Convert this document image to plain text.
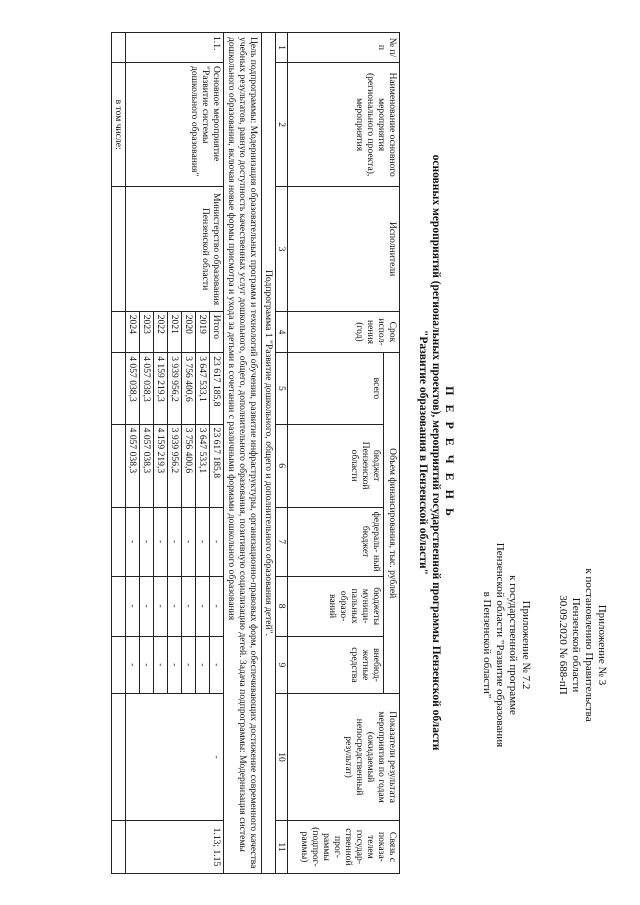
Приложение № 3
к постановлению Правительства
Пензенской области
30.09.2020 № 688-пП
Приложение № 7.2
к государственной программе
Пензенской области "Развитие образования
в Пензенской области"
П Е Р Е Ч Е Н Ь
основных мероприятий (региональных проектов), мероприятий государственной программы Пензенской области
"Развитие образования в Пензенской области"
№ п/п	Наименование основного мероприятия (регионального проекта), мероприятия	Исполнители	Срок испол- нения (год)	Объем финансирования, тыс. рублей					Показатели результата мероприятия по годам (ожидаемый непосредственный результат)	Связь с показа- телем государ- ственной прог- раммы (подпрог- раммы)
				всего	бюджет Пензенской области	федераль- ный бюджет	бюджеты муници- пальных образо- ваний	внебюд- жетные средства		
1	2	3	4	5	6	7	8	9	10	11
Подпрограмма 1 "Развитие дошкольного, общего и дополнительного образования детей".										
Цель подпрограммы: Модернизация образовательных программ и технологий обучения, развитие инфраструктуры, организационно-правовых форм, обеспечивающих достижение современного качества учебных результатов, равную доступность качественных услуг дошкольного, общего, дополнительного образования, позитивную социализацию детей. Задача подпрограммы: Модернизация системы дошкольного образования, включая новые формы присмотра и ухода за детьми в сочетании с различными формами дошкольного образования										
1.1.	Основное мероприятие "Развитие системы дошкольного образования"	Министерство образования Пензенской области	Итого	23 617 185,8	23 617 185,8	-	-	-	-	1.13; 1.15
			2019	3 647 533,1	3 647 533,1	-	-	-		
			2020	3 756 400,6	3 756 400,6	-	-	-		
			2021	3 939 956,2	3 939 956,2	-	-	-		
			2022	4 159 219,3	4 159 219,3	-	-	-		
			2023	4 057 038,3	4 057 038,3	-	-	-		
			2024	4 057 038,3	4 057 038,3	-	-	-		
	в том числе:									
